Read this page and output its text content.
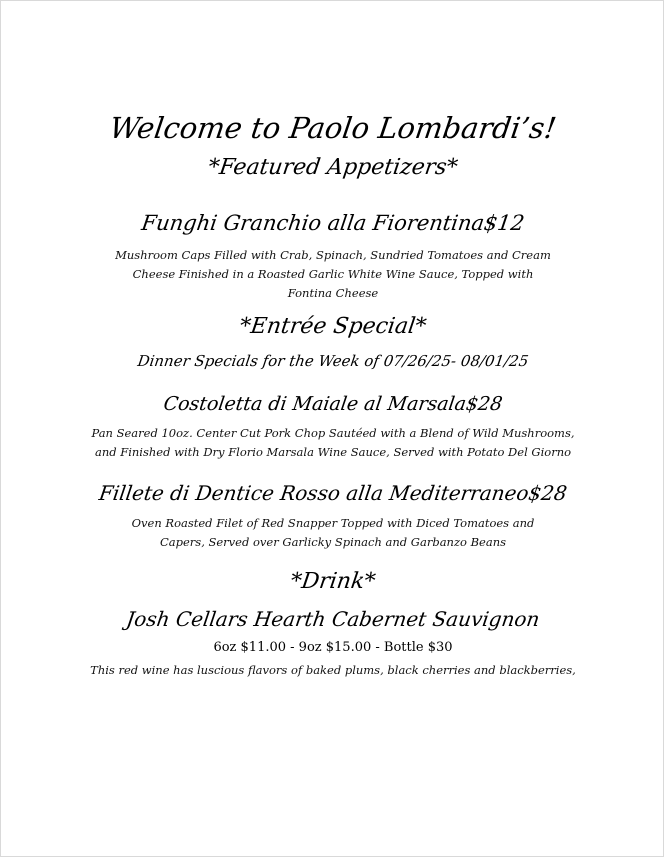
Welcome to Paolo Lombardi’s!
*Featured Appetizers*
Funghi Granchio alla Fiorentina$12
Mushroom Caps Filled with Crab, Spinach, Sundried Tomatoes and Cream Cheese Finished in a Roasted Garlic White Wine Sauce, Topped with Fontina Cheese
*Entrée Special*
Dinner Specials for the Week of 07/26/25- 08/01/25
Costoletta di Maiale al Marsala$28
Pan Seared 10oz. Center Cut Pork Chop Sautéed with a Blend of Wild Mushrooms, and Finished with Dry Florio Marsala Wine Sauce, Served with Potato Del Giorno
Fillete di Dentice Rosso alla Mediterraneo$28
Oven Roasted Filet of Red Snapper Topped with Diced Tomatoes and Capers, Served over Garlicky Spinach and Garbanzo Beans
*Drink*
Josh Cellars Hearth Cabernet Sauvignon
6oz $11.00 - 9oz $15.00 - Bottle $30
This red wine has luscious flavors of baked plums, black cherries and blackberries,
